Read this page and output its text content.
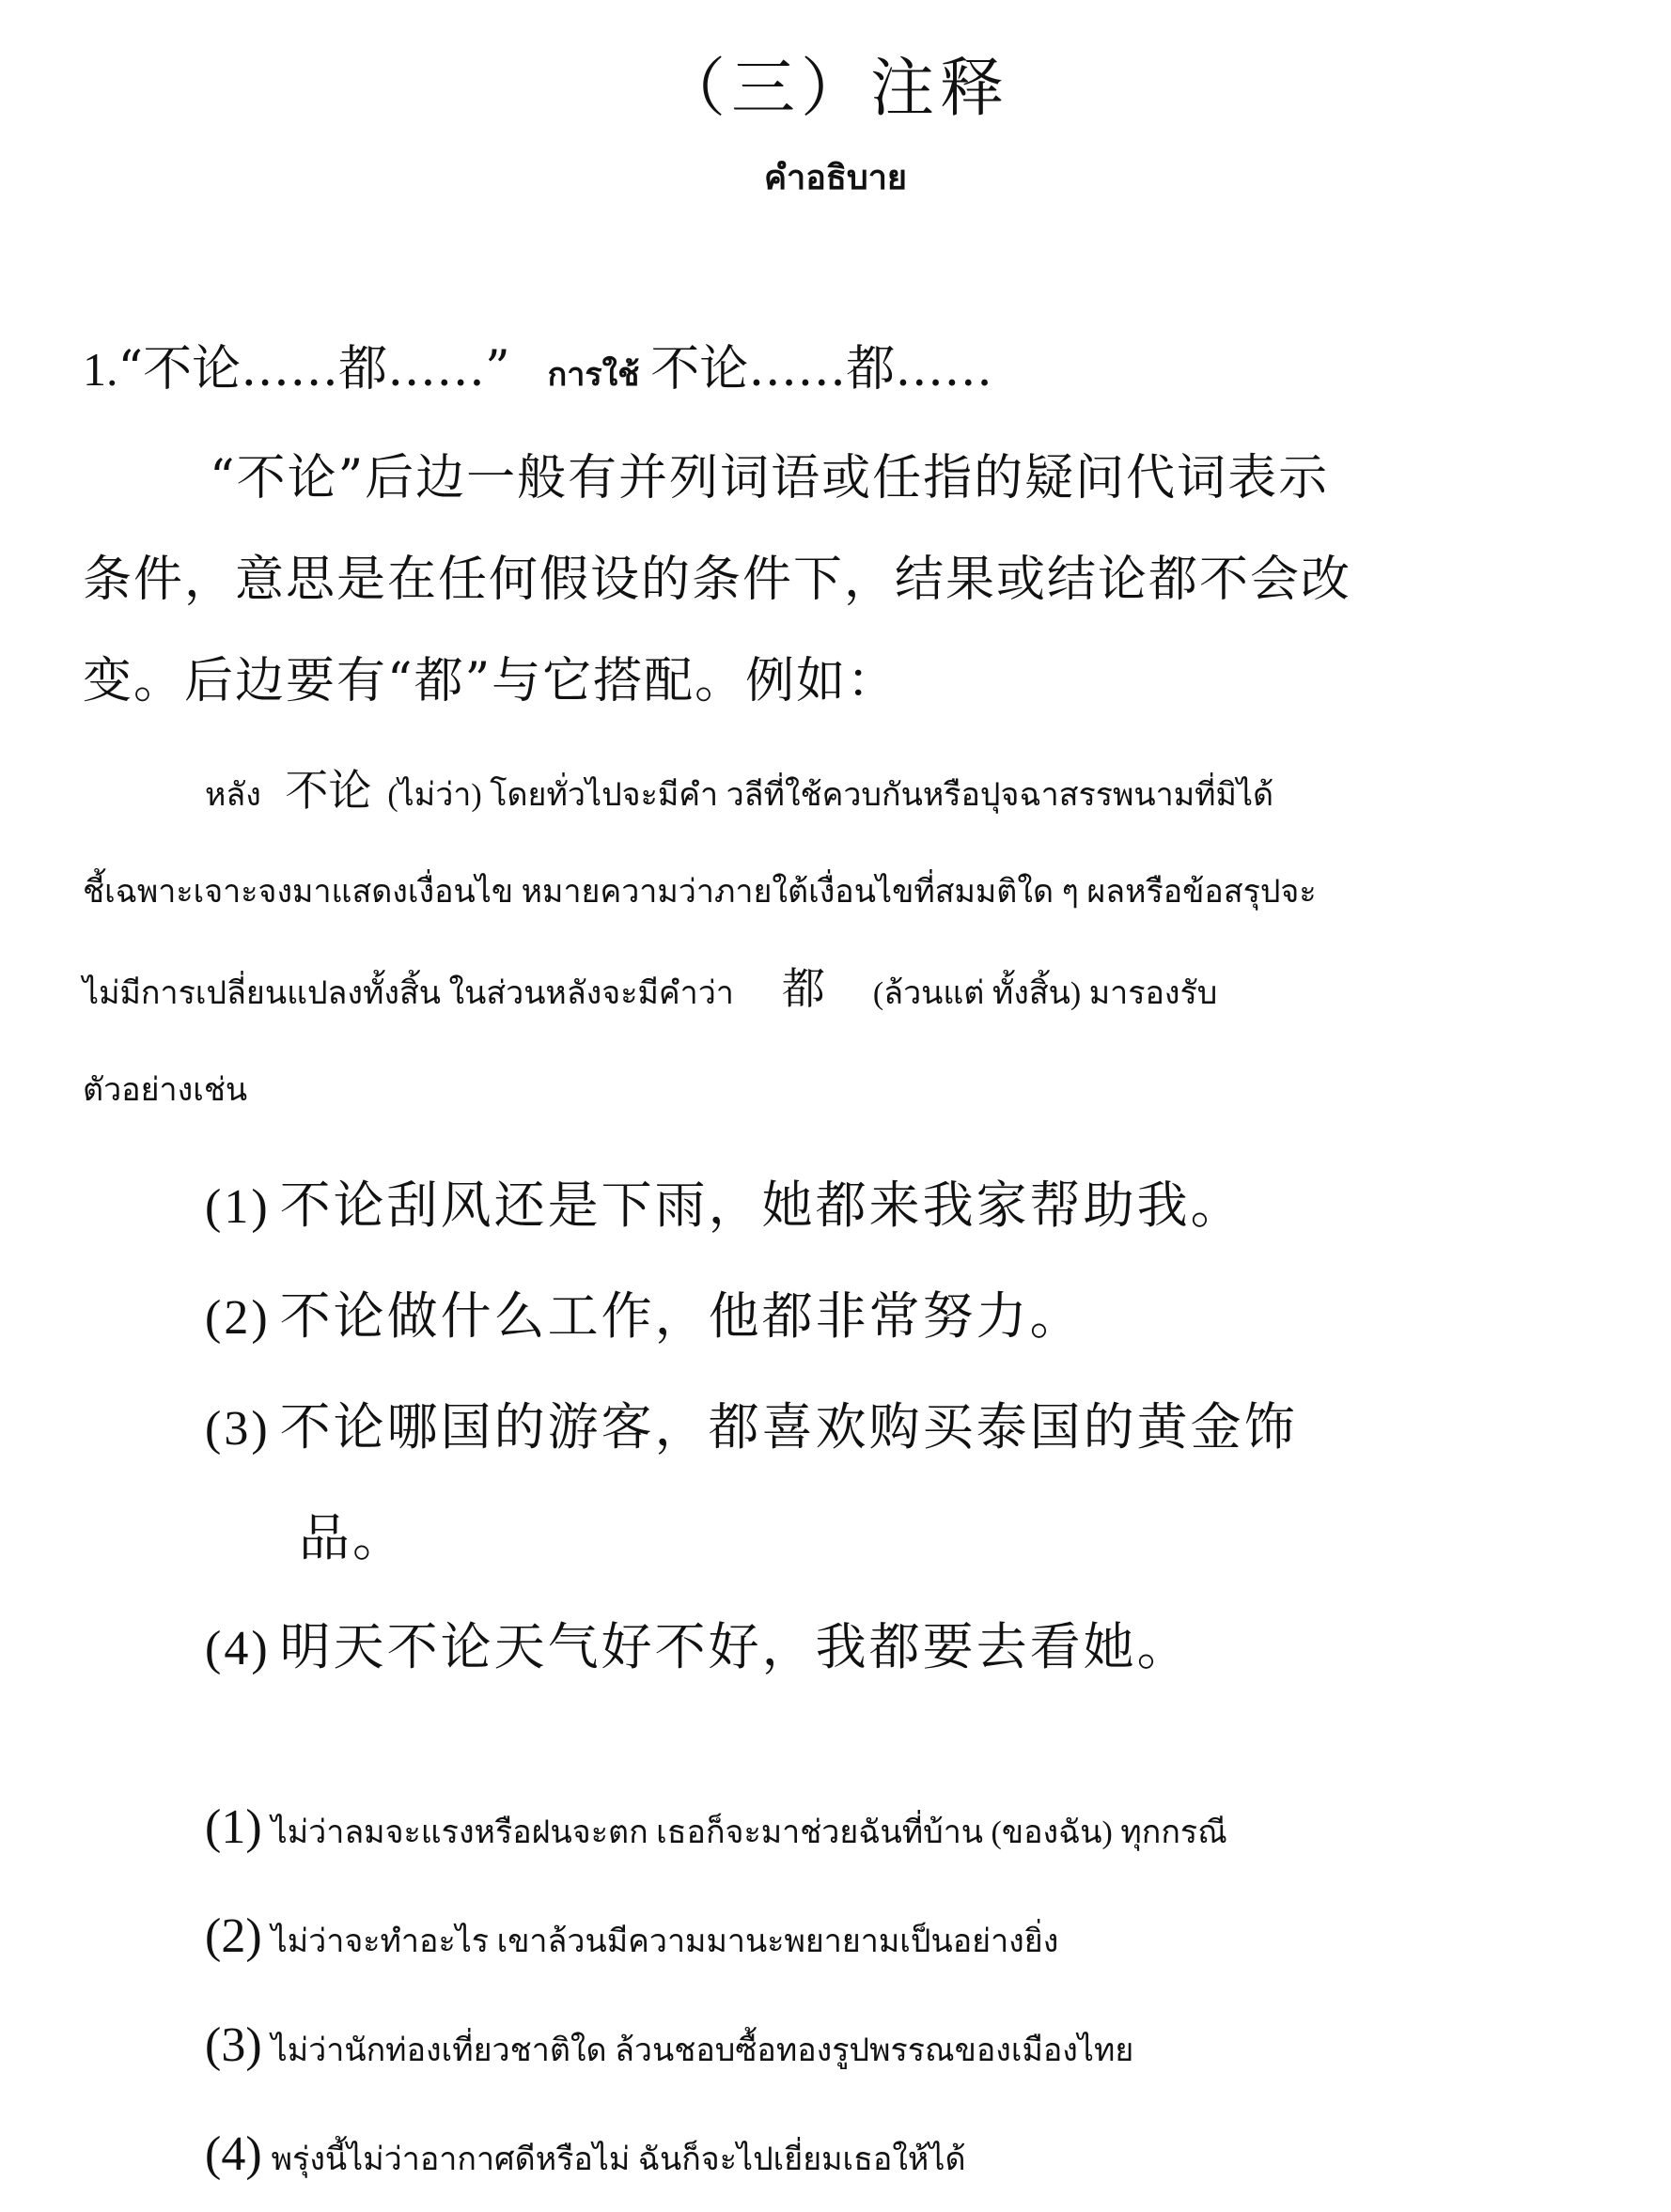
（三）注释
คำอธิบาย
1.“不论……都……” การใช้ 不论……都……
“不论”后边一般有并列词语或任指的疑问代词表示
条件，意思是在任何假设的条件下，结果或结论都不会改
变。后边要有“都”与它搭配。例如：
หลัง 不论 (ไม่ว่า) โดยทั่วไปจะมีคำ วลีที่ใช้ควบกันหรือปุจฉาสรรพนามที่มิได้
ชี้เฉพาะเจาะจงมาแสดงเงื่อนไข หมายความว่าภายใต้เงื่อนไขที่สมมติใด ๆ ผลหรือข้อสรุปจะ
ไม่มีการเปลี่ยนแปลงทั้งสิ้น ในส่วนหลังจะมีคำว่า 都 (ล้วนแต่ ทั้งสิ้น) มารองรับ
ตัวอย่างเช่น
(1) 不论刮风还是下雨，她都来我家帮助我。
(2) 不论做什么工作，他都非常努力。
(3) 不论哪国的游客，都喜欢购买泰国的黄金饰
品。
(4) 明天不论天气好不好，我都要去看她。
(1) ไม่ว่าลมจะแรงหรือฝนจะตก เธอก็จะมาช่วยฉันที่บ้าน (ของฉัน) ทุกกรณี
(2) ไม่ว่าจะทำอะไร เขาล้วนมีความมานะพยายามเป็นอย่างยิ่ง
(3) ไม่ว่านักท่องเที่ยวชาติใด ล้วนชอบซื้อทองรูปพรรณของเมืองไทย
(4) พรุ่งนี้ไม่ว่าอากาศดีหรือไม่ ฉันก็จะไปเยี่ยมเธอให้ได้
